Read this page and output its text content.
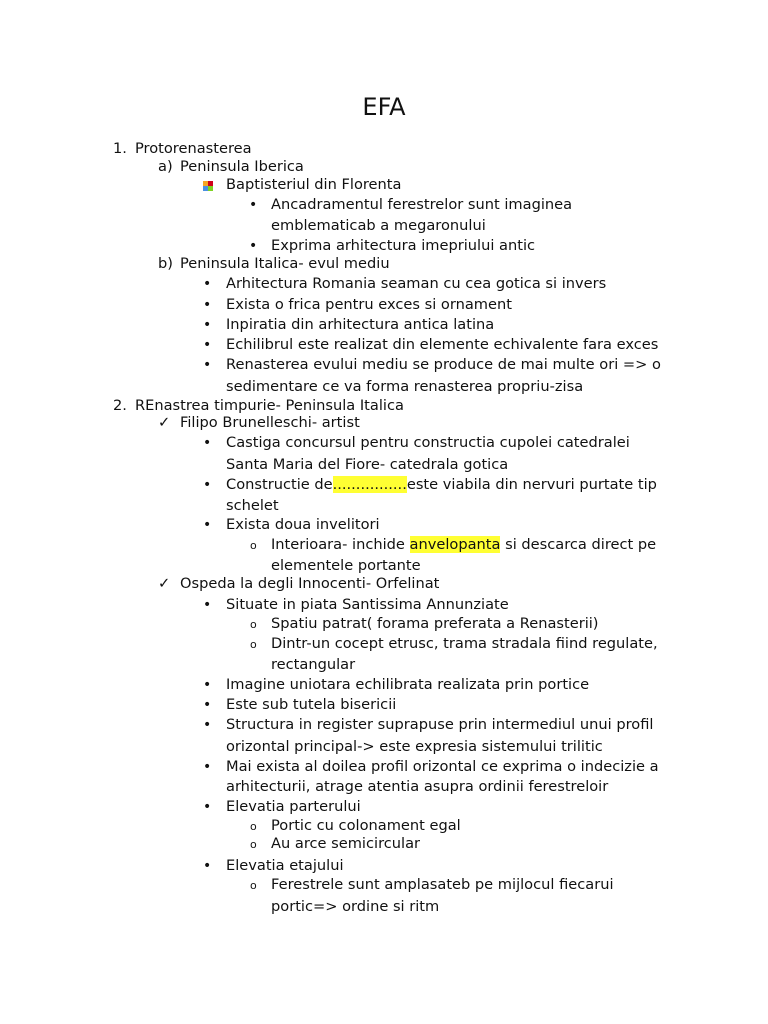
EFA
1. Protorenasterea
a) Peninsula Iberica
Baptisteriul din Florenta
• Ancadramentul ferestrelor sunt imaginea
emblematicab a megaronului
• Exprima arhitectura imepriului antic
b) Peninsula Italica- evul mediu
• Arhitectura Romania seaman cu cea gotica si invers
• Exista o frica pentru exces si ornament
• Inpiratia din arhitectura antica latina
• Echilibrul este realizat din elemente echivalente fara exces
• Renasterea evului mediu se produce de mai multe ori => o
sedimentare ce va forma renasterea propriu-zisa
2. REnastrea timpurie- Peninsula Italica
✓ Filipo Brunelleschi- artist
• Castiga concursul pentru constructia cupolei catedralei
Santa Maria del Fiore- catedrala gotica
• Constructie de................este viabila din nervuri purtate tip
schelet
• Exista doua invelitori
o Interioara- inchide anvelopanta si descarca direct pe
elementele portante
✓ Ospeda la degli Innocenti- Orfelinat
• Situate in piata Santissima Annunziate
o Spatiu patrat( forama preferata a Renasterii)
o Dintr-un cocept etrusc, trama stradala fiind regulate,
rectangular
• Imagine uniotara echilibrata realizata prin portice
• Este sub tutela bisericii
• Structura in register suprapuse prin intermediul unui profil
orizontal principal-> este expresia sistemului trilitic
• Mai exista al doilea profil orizontal ce exprima o indecizie a
arhitecturii, atrage atentia asupra ordinii ferestreloir
• Elevatia parterului
o Portic cu colonament egal
o Au arce semicircular
• Elevatia etajului
o Ferestrele sunt amplasateb pe mijlocul fiecarui
portic=> ordine si ritm
